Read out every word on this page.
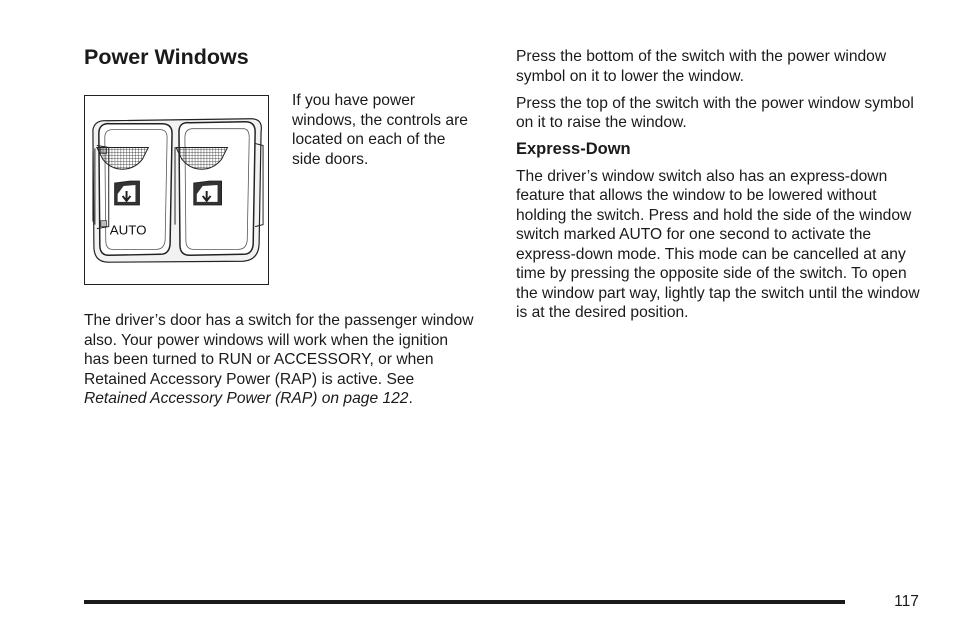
Power Windows
AUTO

If you have power windows, the controls are located on each of the side doors.

The driver’s door has a switch for the passenger window also. Your power windows will work when the ignition has been turned to RUN or ACCESSORY, or when Retained Accessory Power (RAP) is active. See Retained Accessory Power (RAP) on page 122.

Press the bottom of the switch with the power window symbol on it to lower the window.

Press the top of the switch with the power window symbol on it to raise the window.

Express-Down

The driver’s window switch also has an express-down feature that allows the window to be lowered without holding the switch. Press and hold the side of the window switch marked AUTO for one second to activate the express-down mode. This mode can be cancelled at any time by pressing the opposite side of the switch. To open the window part way, lightly tap the switch until the window is at the desired position.

117
